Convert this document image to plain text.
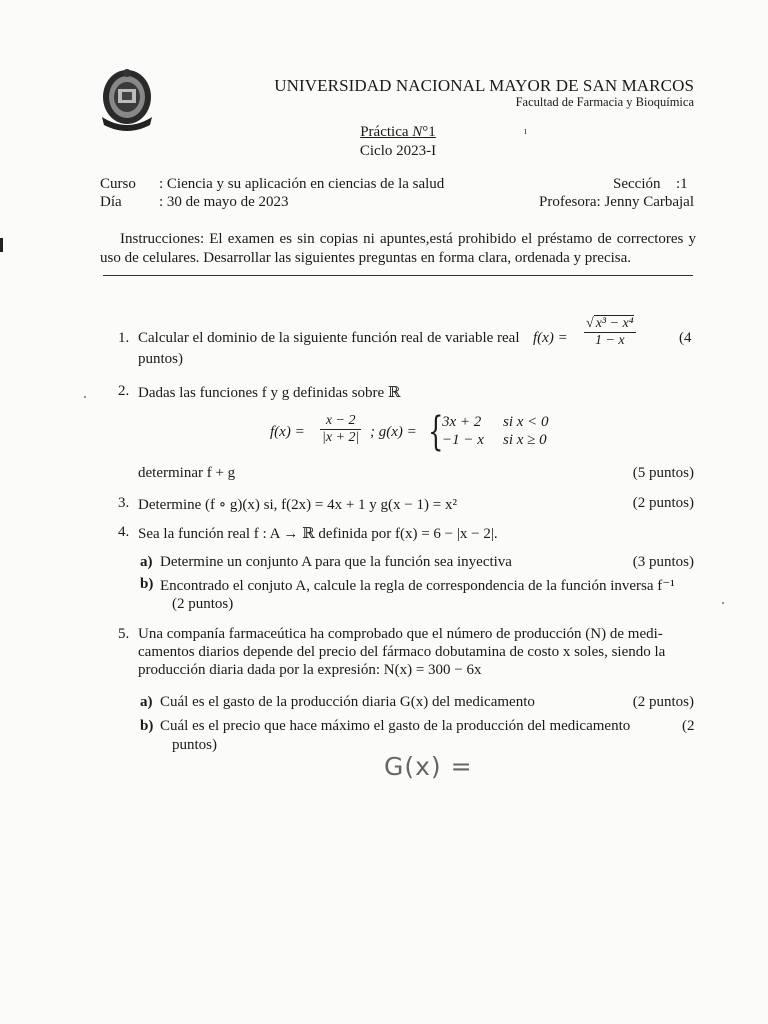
UNIVERSIDAD NACIONAL MAYOR DE SAN MARCOS
Facultad de Farmacia y Bioquímica
Práctica N°1
Ciclo 2023-I
ı
Curso : Ciencia y su aplicación en ciencias de la salud
Día : 30 de mayo de 2023
Sección :1
Profesora: Jenny Carbajal
Instrucciones: El examen es sin copias ni apuntes,está prohibido el préstamo de correctores y uso de celulares. Desarrollar las siguientes preguntas en forma clara, ordenada y precisa.
1. Calcular el dominio de la siguiente función real de variable real $f(x) = \frac{\text{√ x³ − x⁴}}{1 - x}$	(4
puntos)
2. Dadas las funciones f y g definidas sobre ℝ
$f(x) = \frac{x - 2}{|x + 2|}$ ; g(x) = {
3x + 2 si x < 0
−1 − x si x ≥ 0
determinar f + g	(5 puntos)
3. Determine (f ∘ g)(x) si, f(2x) = 4x + 1 y g(x − 1) = x²	(2 puntos)
4. Sea la función real f : A → ℝ definida por f(x) = 6 − |x − 2|.
a) Determine un conjunto A para que la función sea inyectiva	(3 puntos)
b) Encontrado el conjuto A, calcule la regla de correspondencia de la función inversa f⁻¹
(2 puntos)
5. Una companía farmaceútica ha comprobado que el número de producción (N) de medi-
camentos diarios depende del precio del fármaco dobutamina de costo x soles, siendo la
producción diaria dada por la expresión: N(x) = 300 − 6x
a) Cuál es el gasto de la producción diaria G(x) del medicamento	(2 puntos)
b) Cuál es el precio que hace máximo el gasto de la producción del medicamento	(2
puntos)
G(x) =
